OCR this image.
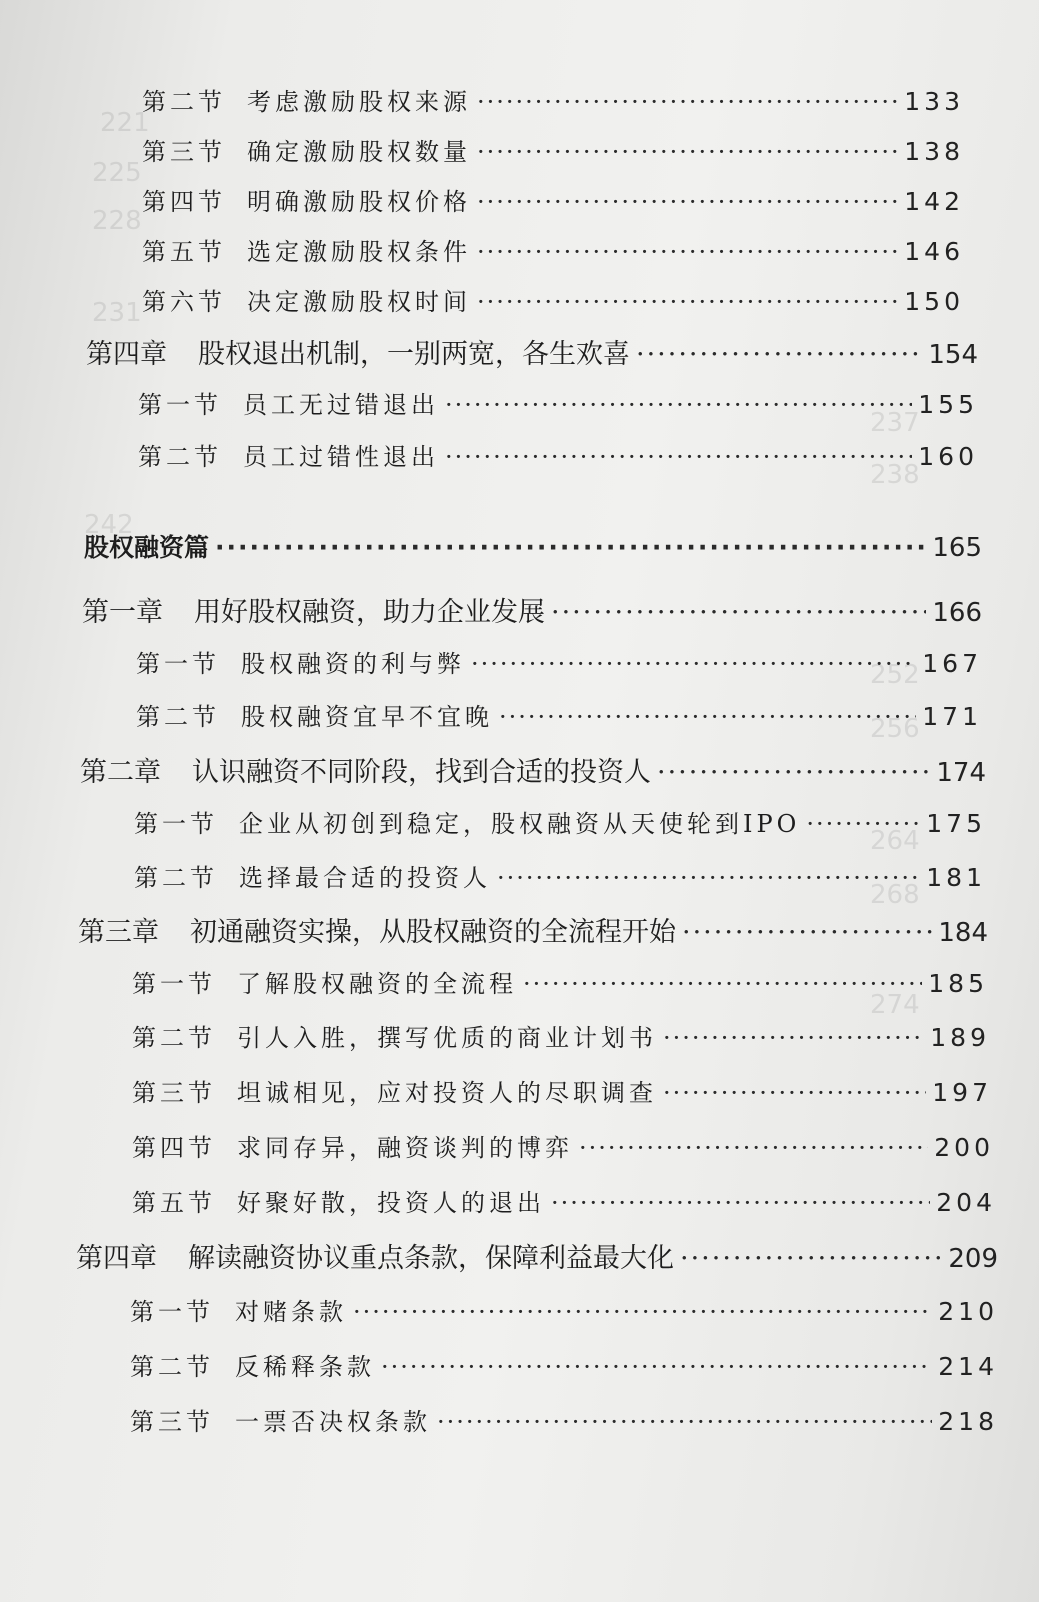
221
225
228
231
242
237
238
252
256
264
268
274
第二节 考虑激励股权来源 ·····	133
第三节 确定激励股权数量 ·····	138
第四节 明确激励股权价格 ·····	142
第五节 选定激励股权条件 ·····	146
第六节 决定激励股权时间 ·····	150
第四章	股权退出机制，一别两宽，各生欢喜 ·····	154
第一节 员工无过错退出 ·····	155
第二节 员工过错性退出 ·····	160
股权融资篇 ·····	165
第一章	用好股权融资，助力企业发展 ·····	166
第一节 股权融资的利与弊 ·····	167
第二节 股权融资宜早不宜晚 ·····	171
第二章	认识融资不同阶段，找到合适的投资人 ·····	174
第一节 企业从初创到稳定，股权融资从天使轮到IPO ·····	175
第二节 选择最合适的投资人 ·····	181
第三章	初通融资实操，从股权融资的全流程开始 ·····	184
第一节 了解股权融资的全流程 ·····	185
第二节 引人入胜，撰写优质的商业计划书 ·····	189
第三节 坦诚相见，应对投资人的尽职调查 ·····	197
第四节 求同存异，融资谈判的博弈 ·····	200
第五节 好聚好散，投资人的退出 ·····	204
第四章	解读融资协议重点条款，保障利益最大化 ·····	209
第一节 对赌条款 ·····	210
第二节 反稀释条款 ·····	214
第三节 一票否决权条款 ·····	218
